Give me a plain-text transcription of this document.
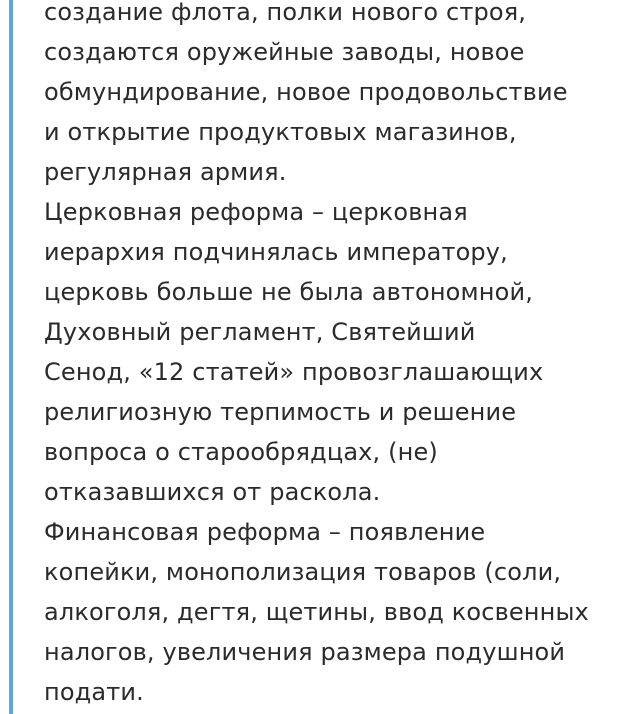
создание флота, полки нового строя,
создаются оружейные заводы, новое
обмундирование, новое продовольствие
и открытие продуктовых магазинов,
регулярная армия.
Церковная реформа – церковная
иерархия подчинялась императору,
церковь больше не была автономной,
Духовный регламент, Святейший
Сенод, «12 статей» провозглашающих
религиозную терпимость и решение
вопроса о старообрядцах, (не)
отказавшихся от раскола.
Финансовая реформа – появление
копейки, монополизация товаров (соли,
алкоголя, дегтя, щетины, ввод косвенных
налогов, увеличения размера подушной
подати.
